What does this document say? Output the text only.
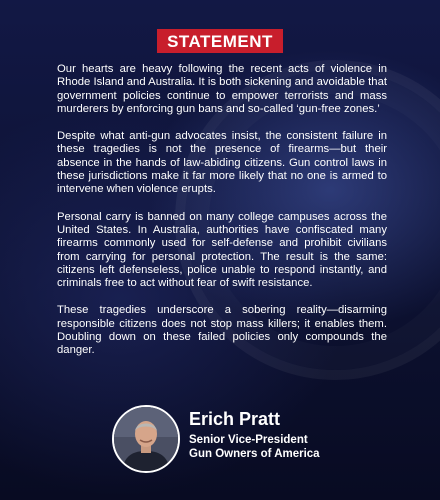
STATEMENT

Our hearts are heavy following the recent acts of violence in Rhode Island and Australia. It is both sickening and avoidable that government policies continue to empower terrorists and mass murderers by enforcing gun bans and so-called ‘gun-free zones.’

Despite what anti-gun advocates insist, the consistent failure in these tragedies is not the presence of firearms—but their absence in the hands of law-abiding citizens. Gun control laws in these jurisdictions make it far more likely that no one is armed to intervene when violence erupts.

Personal carry is banned on many college campuses across the United States. In Australia, authorities have confiscated many firearms commonly used for self-defense and prohibit civilians from carrying for personal protection. The result is the same: citizens left defenseless, police unable to respond instantly, and criminals free to act without fear of swift resistance.

These tragedies underscore a sobering reality—disarming responsible citizens does not stop mass killers; it enables them. Doubling down on these failed policies only compounds the danger.

Erich Pratt
Senior Vice-President
Gun Owners of America
